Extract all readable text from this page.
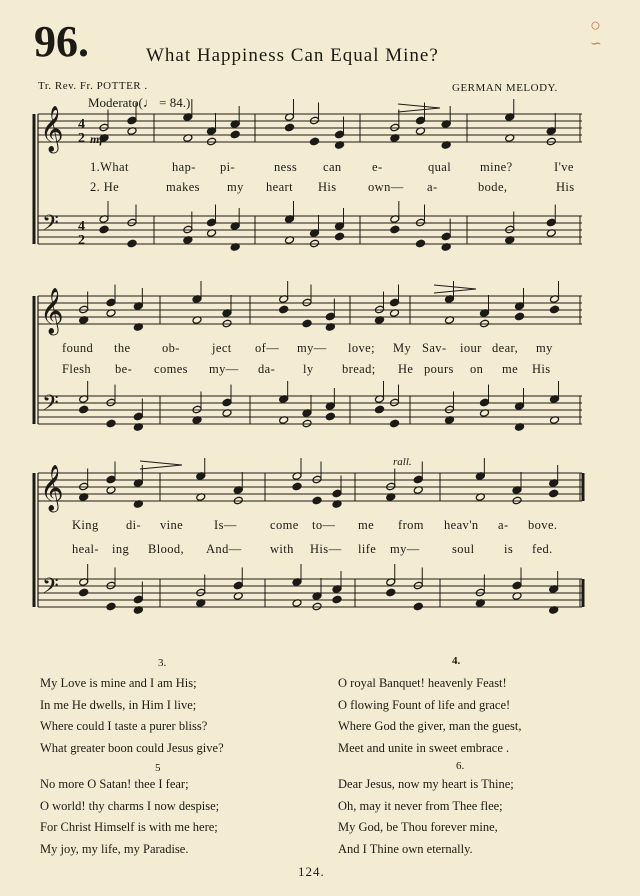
96.	What Happiness Can Equal Mine?
○
∽
Tr. Rev. Fr. POTTER .	GERMAN MELODY.
Moderato(♩ = 84.)
𝄞
𝄢
4
2
4
2
𝄞
𝄢
𝄞
𝄢
mf
rall.
1.What	hap- pi-	ness can e-	qual mine?	I've
2. He	makes my heart His	own— a-	bode,	His
found the	ob-	ject of— my— love; My Sav- iour dear, my
Flesh be- comes my— da- ly bread; He pours on me His
King di- vine Is—	come to— me from heav'n a- bove.
heal- ing Blood, And— with His— life my—	soul is fed.
3.
My Love is mine and I am His;
In me He dwells, in Him I live;
Where could I taste a purer bliss?
What greater boon could Jesus give?
4.
O royal Banquet! heavenly Feast!
O flowing Fount of life and grace!
Where God the giver, man the guest,
Meet and unite in sweet embrace .
5
No more O Satan! thee I fear;
O world! thy charms I now despise;
For Christ Himself is with me here;
My joy, my life, my Paradise.
6.
Dear Jesus, now my heart is Thine;
Oh, may it never from Thee flee;
My God, be Thou forever mine,
And I Thine own eternally.
124.
